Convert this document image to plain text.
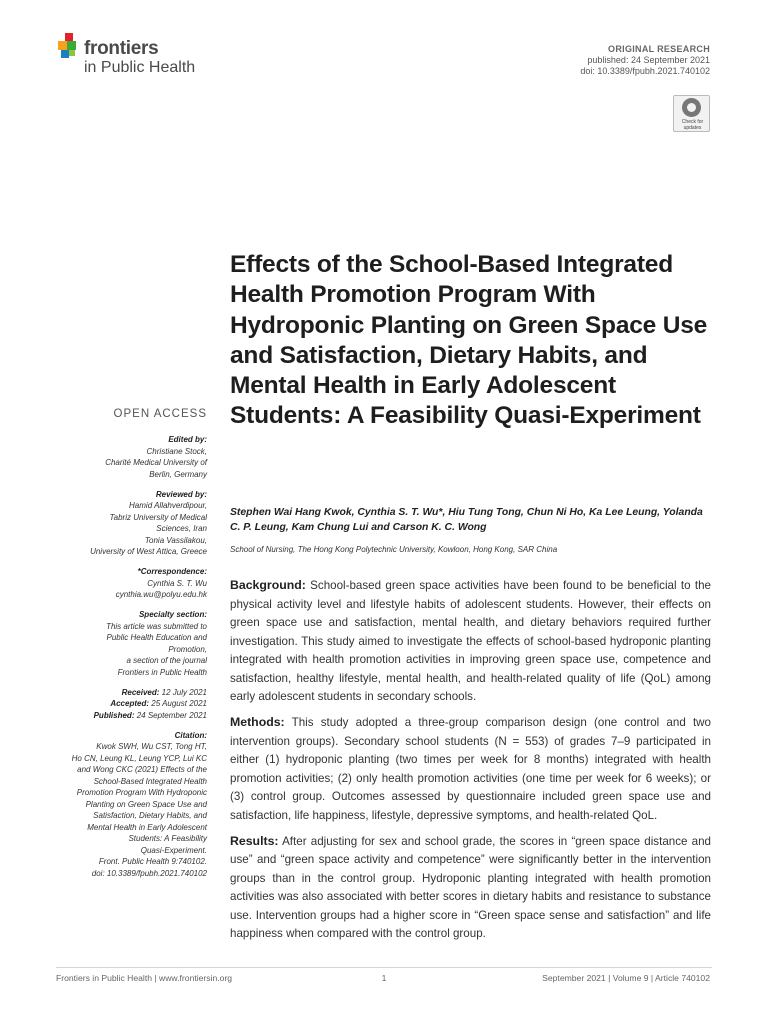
frontiers
in Public Health
ORIGINAL RESEARCH
published: 24 September 2021
doi: 10.3389/fpubh.2021.740102
Check for
updates
Effects of the School-Based Integrated Health Promotion Program With Hydroponic Planting on Green Space Use and Satisfaction, Dietary Habits, and Mental Health in Early Adolescent Students: A Feasibility Quasi-Experiment
Stephen Wai Hang Kwok, Cynthia S. T. Wu*, Hiu Tung Tong, Chun Ni Ho, Ka Lee Leung, Yolanda C. P. Leung, Kam Chung Lui and Carson K. C. Wong
School of Nursing, The Hong Kong Polytechnic University, Kowloon, Hong Kong, SAR China
OPEN ACCESS
Edited by:
Christiane Stock,
Charité Medical University of
Berlin, Germany
Reviewed by:
Hamid Allahverdipour,
Tabriz University of Medical
Sciences, Iran
Tonia Vassilakou,
University of West Attica, Greece
*Correspondence:
Cynthia S. T. Wu
cynthia.wu@polyu.edu.hk
Specialty section:
This article was submitted to
Public Health Education and
Promotion,
a section of the journal
Frontiers in Public Health
Received: 12 July 2021
Accepted: 25 August 2021
Published: 24 September 2021
Citation:
Kwok SWH, Wu CST, Tong HT,
Ho CN, Leung KL, Leung YCP, Lui KC
and Wong CKC (2021) Effects of the
School-Based Integrated Health
Promotion Program With Hydroponic
Planting on Green Space Use and
Satisfaction, Dietary Habits, and
Mental Health in Early Adolescent
Students: A Feasibility
Quasi-Experiment.
Front. Public Health 9:740102.
doi: 10.3389/fpubh.2021.740102

Background: School-based green space activities have been found to be beneficial to the physical activity level and lifestyle habits of adolescent students. However, their effects on green space use and satisfaction, mental health, and dietary behaviors required further investigation. This study aimed to investigate the effects of school-based hydroponic planting integrated with health promotion activities in improving green space use, competence and satisfaction, healthy lifestyle, mental health, and health-related quality of life (QoL) among early adolescent students in secondary schools.

Methods: This study adopted a three-group comparison design (one control and two intervention groups). Secondary school students (N = 553) of grades 7–9 participated in either (1) hydroponic planting (two times per week for 8 months) integrated with health promotion activities; (2) only health promotion activities (one time per week for 6 weeks); or (3) control group. Outcomes assessed by questionnaire included green space use and satisfaction, life happiness, lifestyle, depressive symptoms, and health-related QoL.

Results: After adjusting for sex and school grade, the scores in “green space distance and use” and “green space activity and competence” were significantly better in the intervention groups than in the control group. Hydroponic planting integrated with health promotion activities was also associated with better scores in dietary habits and resistance to substance use. Intervention groups had a higher score in “Green space sense and satisfaction” and life happiness when compared with the control group.

Frontiers in Public Health | www.frontiersin.org	1	September 2021 | Volume 9 | Article 740102
